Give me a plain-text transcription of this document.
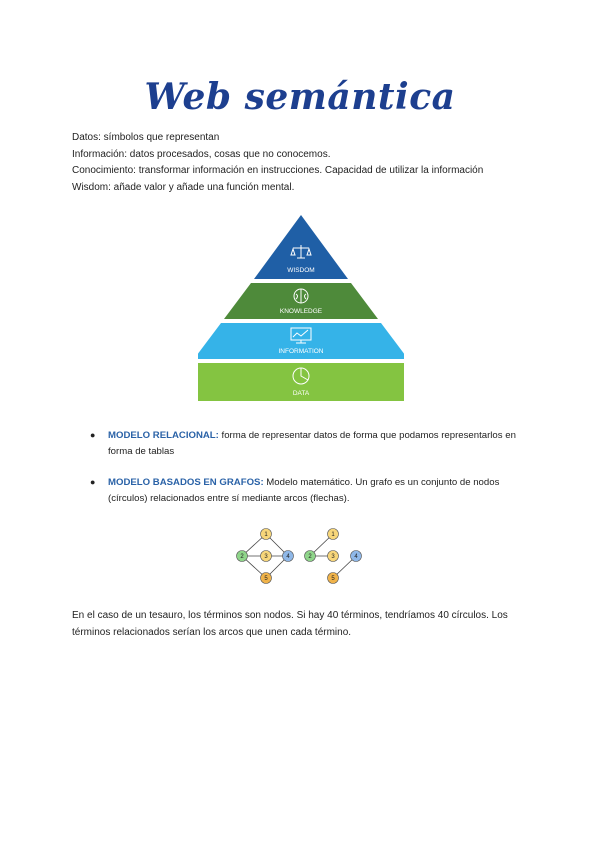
Web semántica

Datos: símbolos que representan

Información: datos procesados, cosas que no conocemos.

Conocimiento: transformar información en instrucciones. Capacidad de utilizar la información

Wisdom: añade valor y añade una función mental.

WISDOM
KNOWLEDGE
INFORMATION
DATA
● MODELO RELACIONAL: forma de representar datos de forma que podamos representarlos en forma de tablas
● MODELO BASADOS EN GRAFOS: Modelo matemático. Un grafo es un conjunto de nodos (círculos) relacionados entre sí mediante arcos (flechas).
1
2	3	4
5
1
2	3	4
5

En el caso de un tesauro, los términos son nodos. Si hay 40 términos, tendríamos 40 círculos. Los términos relacionados serían los arcos que unen cada término.
